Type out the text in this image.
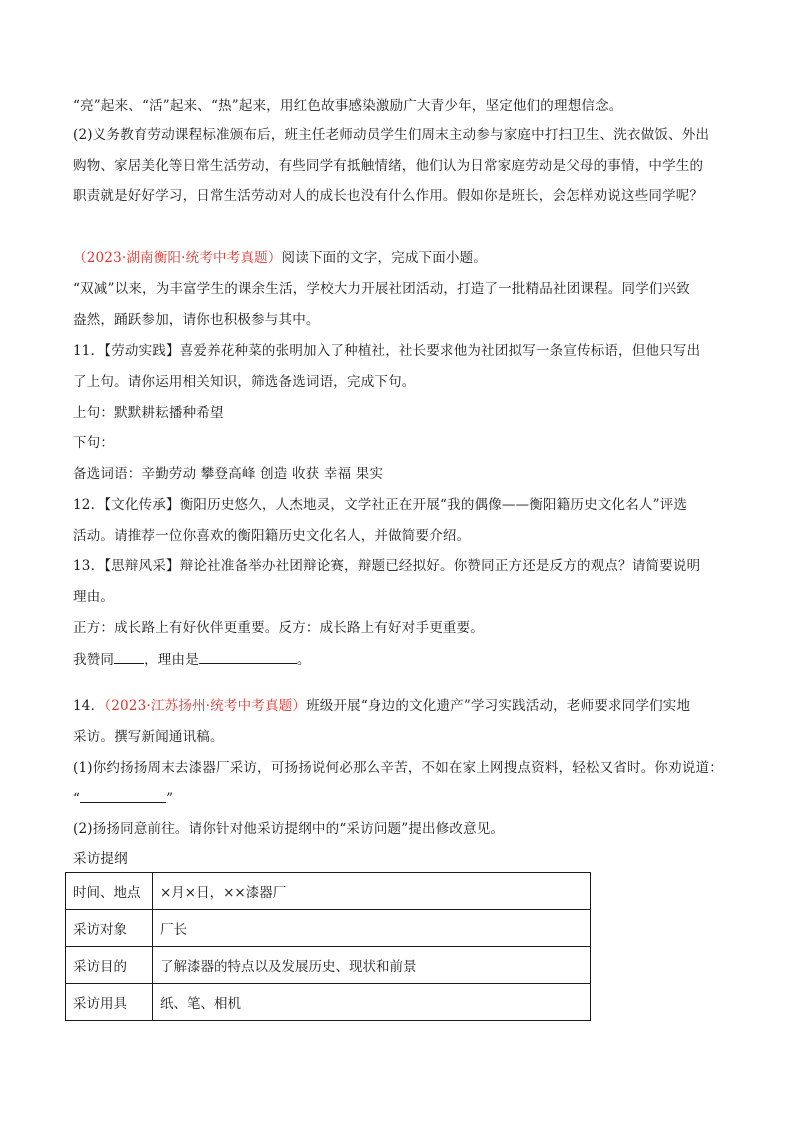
“亮”起来、“活”起来、“热”起来，用红色故事感染激励广大青少年，坚定他们的理想信念。
(2)义务教育劳动课程标准颁布后，班主任老师动员学生们周末主动参与家庭中打扫卫生、洗衣做饭、外出
购物、家居美化等日常生活劳动，有些同学有抵触情绪，他们认为日常家庭劳动是父母的事情，中学生的
职责就是好好学习，日常生活劳动对人的成长也没有什么作用。假如你是班长，会怎样劝说这些同学呢？
（2023·湖南衡阳·统考中考真题）阅读下面的文字，完成下面小题。
“双减”以来，为丰富学生的课余生活，学校大力开展社团活动，打造了一批精品社团课程。同学们兴致
盎然，踊跃参加，请你也积极参与其中。
11．【劳动实践】喜爱养花种菜的张明加入了种植社，社长要求他为社团拟写一条宣传标语，但他只写出
了上句。请你运用相关知识，筛选备选词语，完成下句。
上句：默默耕耘播种希望
下句：
备选词语：辛勤劳动 攀登高峰 创造 收获 幸福 果实
12．【文化传承】衡阳历史悠久，人杰地灵，文学社正在开展“我的偶像——衡阳籍历史文化名人”评选
活动。请推荐一位你喜欢的衡阳籍历史文化名人，并做简要介绍。
13．【思辩风采】辩论社准备举办社团辩论赛，辩题已经拟好。你赞同正方还是反方的观点？请简要说明
理由。
正方：成长路上有好伙伴更重要。反方：成长路上有好对手更重要。
我赞同 ，理由是	。
14．（2023·江苏扬州·统考中考真题）班级开展“身边的文化遗产”学习实践活动，老师要求同学们实地
采访。撰写新闻通讯稿。
(1)你约扬扬周末去漆器厂采访，可扬扬说何必那么辛苦，不如在家上网搜点资料，轻松又省时。你劝说道：
“	”
(2)扬扬同意前往。请你针对他采访提纲中的“采访问题”提出修改意见。
采访提纲
时间、地点	×月×日，××漆器厂
采访对象	厂长
采访目的	了解漆器的特点以及发展历史、现状和前景
采访用具	纸、笔、相机
